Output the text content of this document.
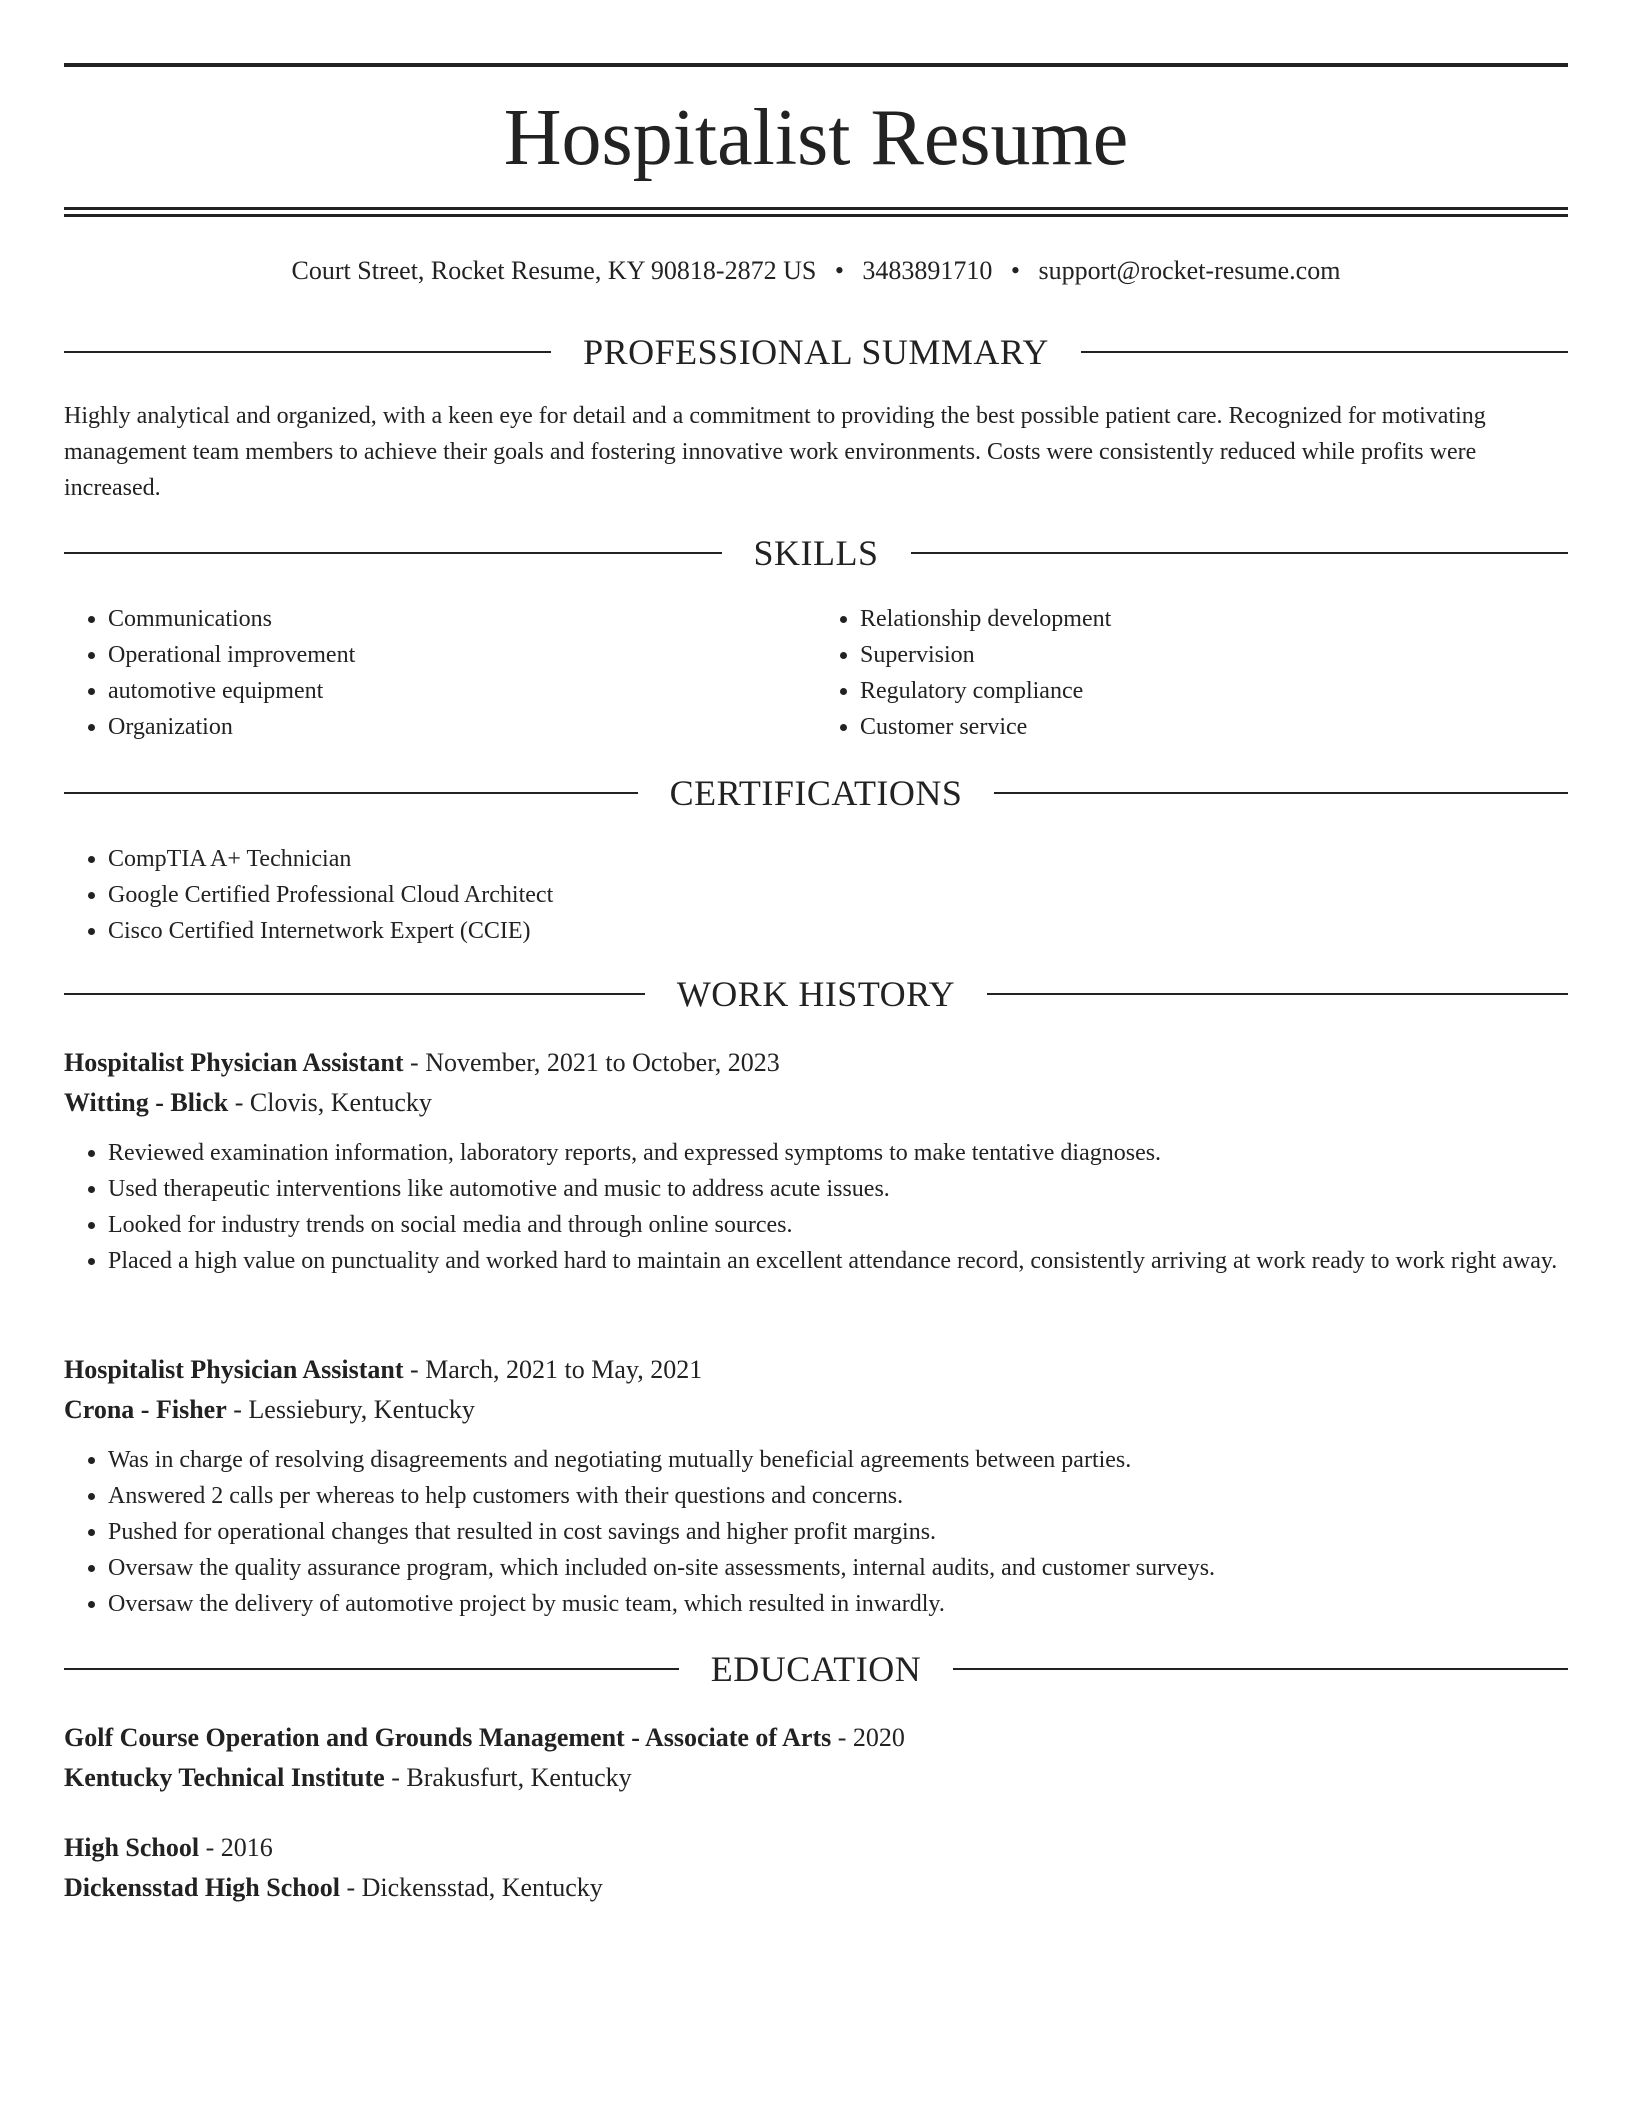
Hospitalist Resume
Court Street, Rocket Resume, KY 90818-2872 US • 3483891710 • support@rocket-resume.com
PROFESSIONAL SUMMARY

Highly analytical and organized, with a keen eye for detail and a commitment to providing the best possible patient care. Recognized for motivating management team members to achieve their goals and fostering innovative work environments. Costs were consistently reduced while profits were increased.

SKILLS
• Communications
• Operational improvement
• automotive equipment
• Organization
• Relationship development
• Supervision
• Regulatory compliance
• Customer service
CERTIFICATIONS
• CompTIA A+ Technician
• Google Certified Professional Cloud Architect
• Cisco Certified Internetwork Expert (CCIE)
WORK HISTORY
Hospitalist Physician Assistant - November, 2021 to October, 2023
Witting - Blick - Clovis, Kentucky
• Reviewed examination information, laboratory reports, and expressed symptoms to make tentative diagnoses.
• Used therapeutic interventions like automotive and music to address acute issues.
• Looked for industry trends on social media and through online sources.
• Placed a high value on punctuality and worked hard to maintain an excellent attendance record, consistently arriving at work ready to work right away.
Hospitalist Physician Assistant - March, 2021 to May, 2021
Crona - Fisher - Lessiebury, Kentucky
• Was in charge of resolving disagreements and negotiating mutually beneficial agreements between parties.
• Answered 2 calls per whereas to help customers with their questions and concerns.
• Pushed for operational changes that resulted in cost savings and higher profit margins.
• Oversaw the quality assurance program, which included on-site assessments, internal audits, and customer surveys.
• Oversaw the delivery of automotive project by music team, which resulted in inwardly.
EDUCATION
Golf Course Operation and Grounds Management - Associate of Arts - 2020
Kentucky Technical Institute - Brakusfurt, Kentucky
High School - 2016
Dickensstad High School - Dickensstad, Kentucky
